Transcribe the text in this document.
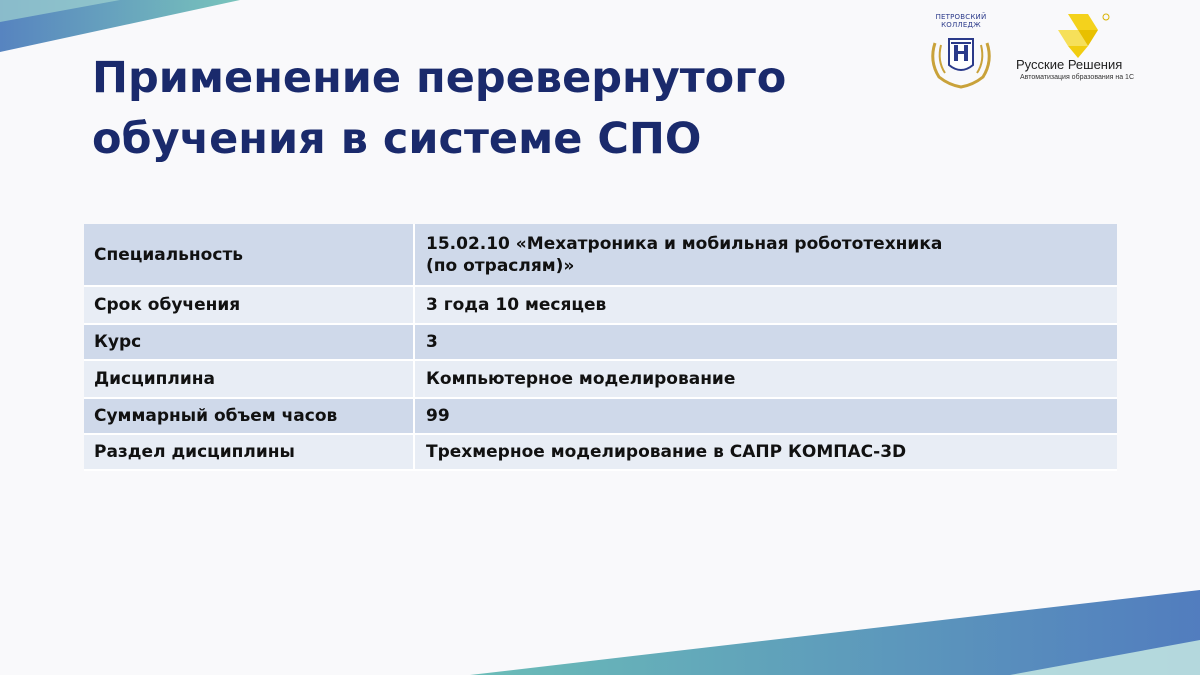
Применение перевернутого
обучения в системе СПО
ПЕТРОВСКИЙ
КОЛЛЕДЖ
Русские Решения
Автоматизация образования на 1С
Специальность	15.02.10 «Мехатроника и мобильная робототехника
(по отраслям)»

Срок обучения	3 года 10 месяцев
Курс	3
Дисциплина	Компьютерное моделирование
Суммарный объем часов	99
Раздел дисциплины	Трехмерное моделирование в САПР КОМПАС-3D
